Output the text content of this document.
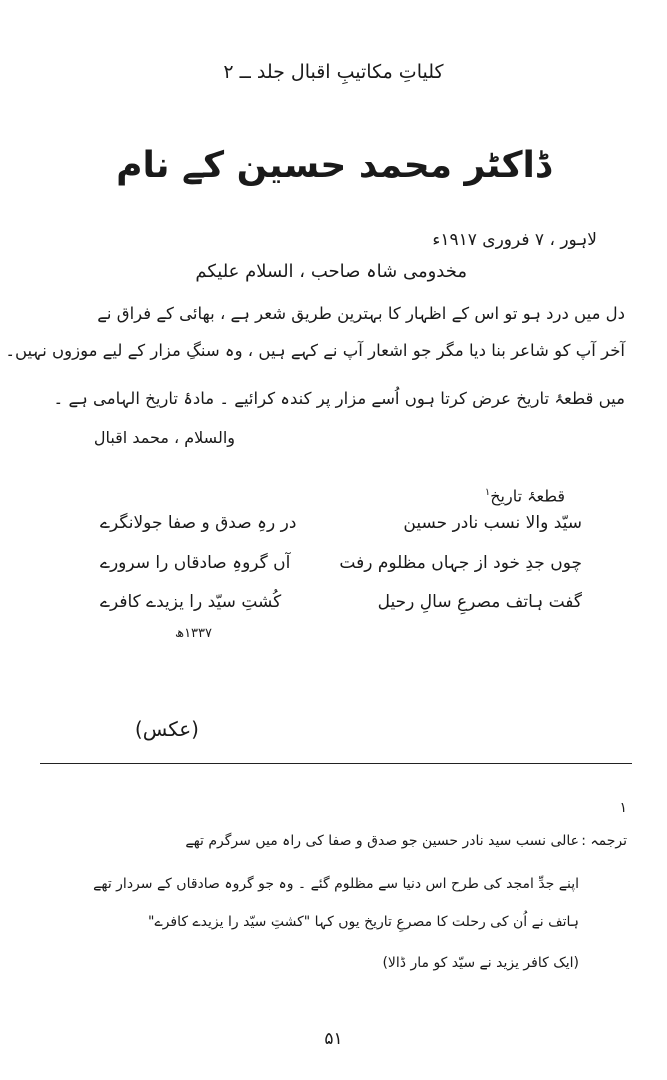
کلیاتِ مکاتیبِ اقبال جلد ــ ۲
ڈاکٹر محمد حسین کے نام
لاہور ، ۷ فروری ۱۹۱۷ء
مخدومی شاہ صاحب ، السلام علیکم
دل میں درد ہو تو اس کے اظہار کا بہترین طریق شعر ہے ، بھائی کے فراق نے
آخر آپ کو شاعر بنا دیا مگر جو اشعار آپ نے کہے ہیں ، وہ سنگِ مزار کے لیے موزوں نہیں۔
میں قطعۂ تاریخ عرض کرتا ہوں اُسے مزار پر کندہ کرائیے ۔ مادۂ تاریخ الہامی ہے ۔
والسلام ، محمد اقبال
قطعۂ تاریخ$^۱$
سیّد والا نسب نادر حسین
در رہِ صدق و صفا جولانگرے
چوں جدِ خود از جہاں مظلوم رفت
آں گروہِ صادقاں را سرورے
گفت ہاتف مصرعِ سالِ رحیل
کُشتِ سیّد را یزیدے کافرے
۱۳۳۷ھ
(عکس)
۱
ترجمہ :
عالی نسب سید نادر حسین جو صدق و صفا کی راہ میں سرگرم تھے
اپنے جدِّ امجد کی طرح اس دنیا سے مظلوم گئے ۔ وہ جو گروہ صادقاں کے سردار تھے
ہاتف نے اُن کی رحلت کا مصرعِ تاریخ یوں کہا "کشتِ سیّد را یزیدے کافرے"
(ایک کافر یزید نے سیّد کو مار ڈالا)
۵۱
